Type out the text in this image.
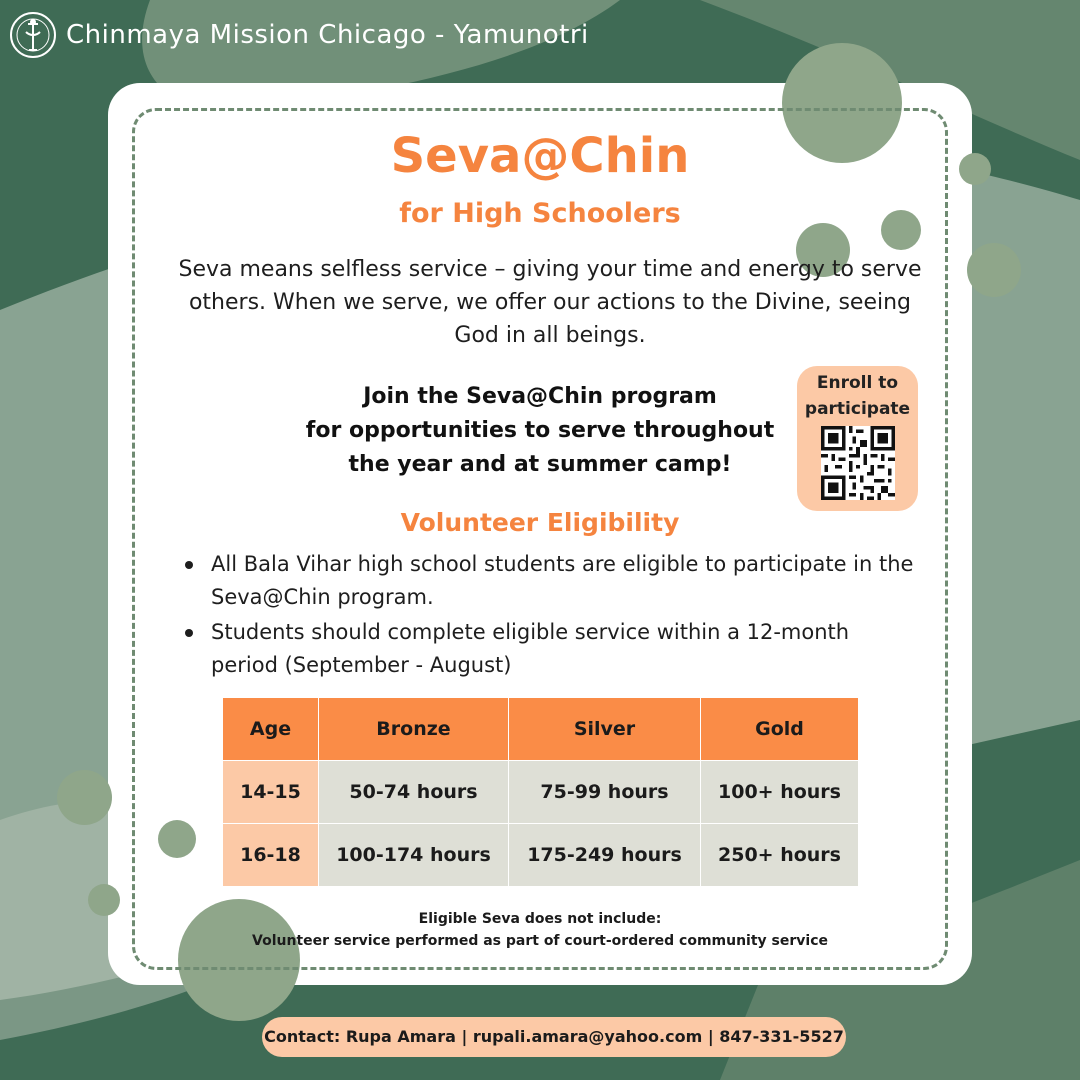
Chinmaya Mission Chicago - Yamunotri
Seva@Chin
for High Schoolers

Seva means selfless service – giving your time and energy to serve others. When we serve, we offer our actions to the Divine, seeing God in all beings.

Join the Seva@Chin program
for opportunities to serve throughout
the year and at summer camp!
Enroll to
participate
Volunteer Eligibility
All Bala Vihar high school students are eligible to participate in the Seva@Chin program.
Students should complete eligible service within a 12-month period (September - August)
Age	Bronze	Silver	Gold
14-15	50-74 hours	75-99 hours	100+ hours
16-18	100-174 hours	175-249 hours	250+ hours
Eligible Seva does not include:
Volunteer service performed as part of court-ordered community service
Contact: Rupa Amara | rupali.amara@yahoo.com | 847-331-5527
